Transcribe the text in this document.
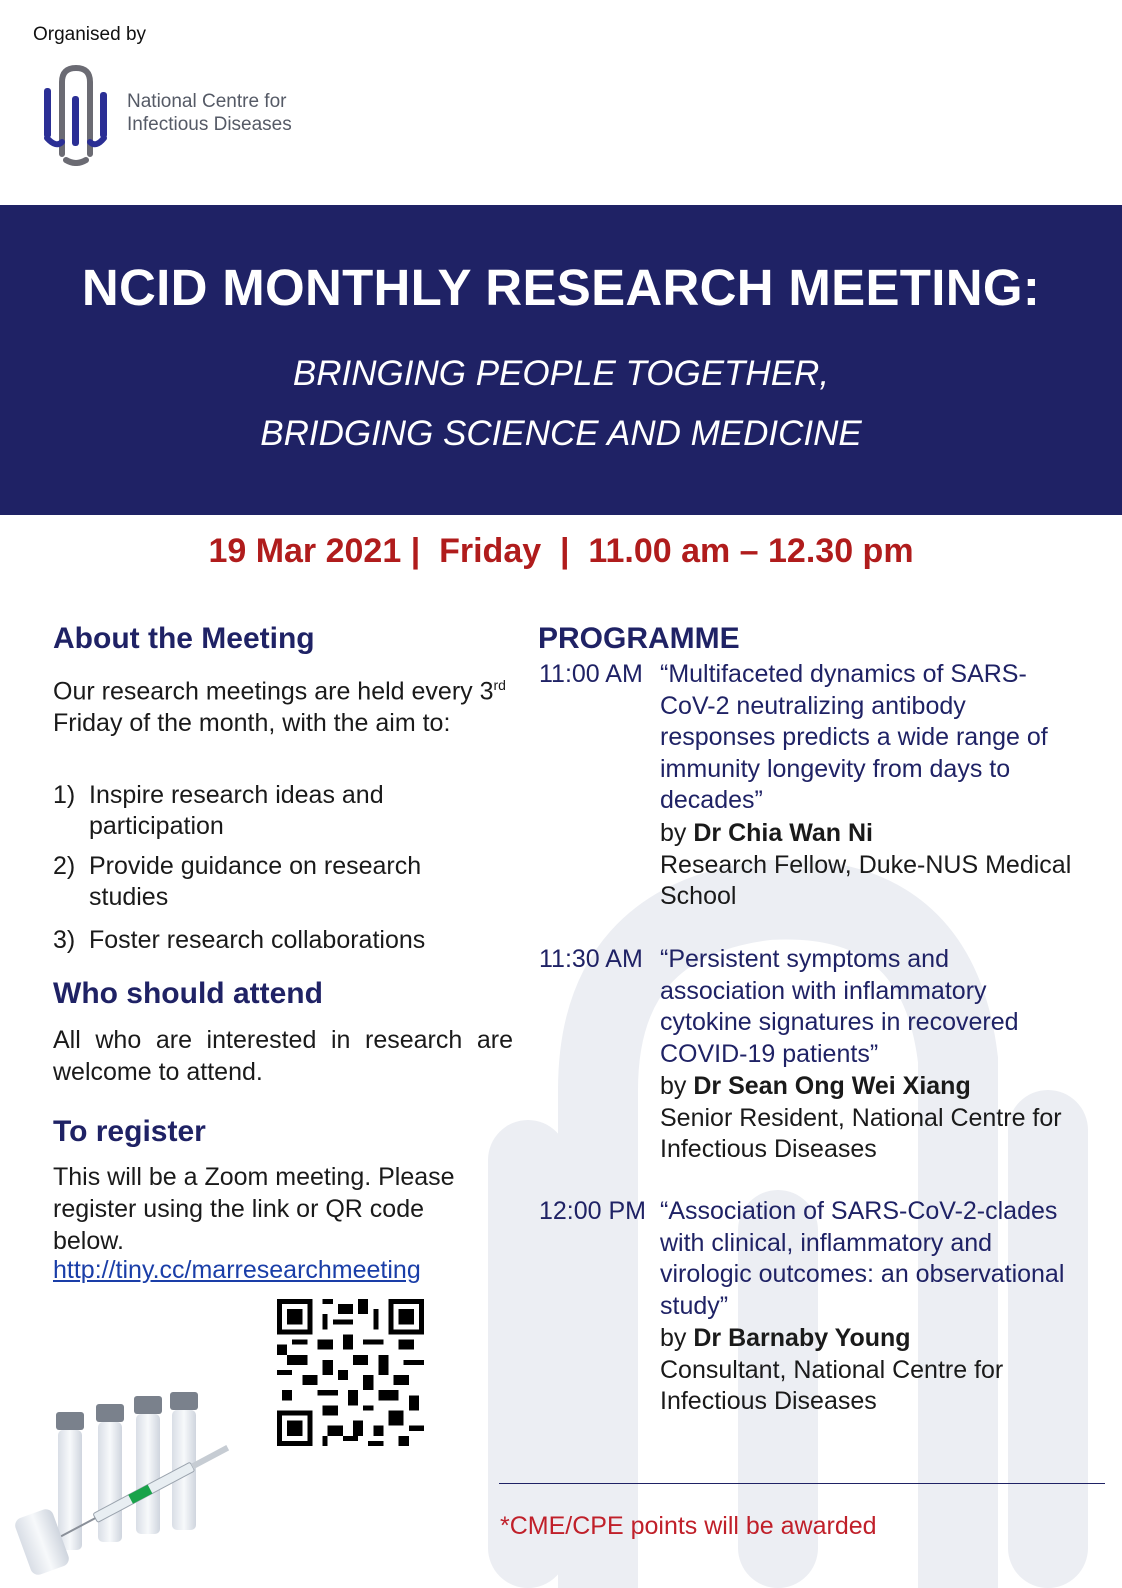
Organised by
National Centre for
Infectious Diseases
NCID MONTHLY RESEARCH MEETING:
BRINGING PEOPLE TOGETHER,
BRIDGING SCIENCE AND MEDICINE
19 Mar 2021 |  Friday  |  11.00 am – 12.30 pm
About the Meeting
Our research meetings are held every 3rd Friday of the month, with the aim to:
1) Inspire research ideas and participation
2) Provide guidance on research studies
3) Foster research collaborations
Who should attend
All who are interested in research are welcome to attend.
To register
This will be a Zoom meeting. Please register using the link or QR code below.
http://tiny.cc/marresearchmeeting
PROGRAMME
11:00 AM “Multifaceted dynamics of SARS-CoV-2 neutralizing antibody responses predicts a wide range of immunity longevity from days to decades”
by Dr Chia Wan Ni
Research Fellow, Duke-NUS Medical School
11:30 AM “Persistent symptoms and association with inflammatory cytokine signatures in recovered COVID-19 patients”
by Dr Sean Ong Wei Xiang
Senior Resident, National Centre for Infectious Diseases
12:00 PM “Association of SARS-CoV-2-clades with clinical, inflammatory and virologic outcomes: an observational study”
by Dr Barnaby Young
Consultant, National Centre for Infectious Diseases
*CME/CPE points will be awarded
